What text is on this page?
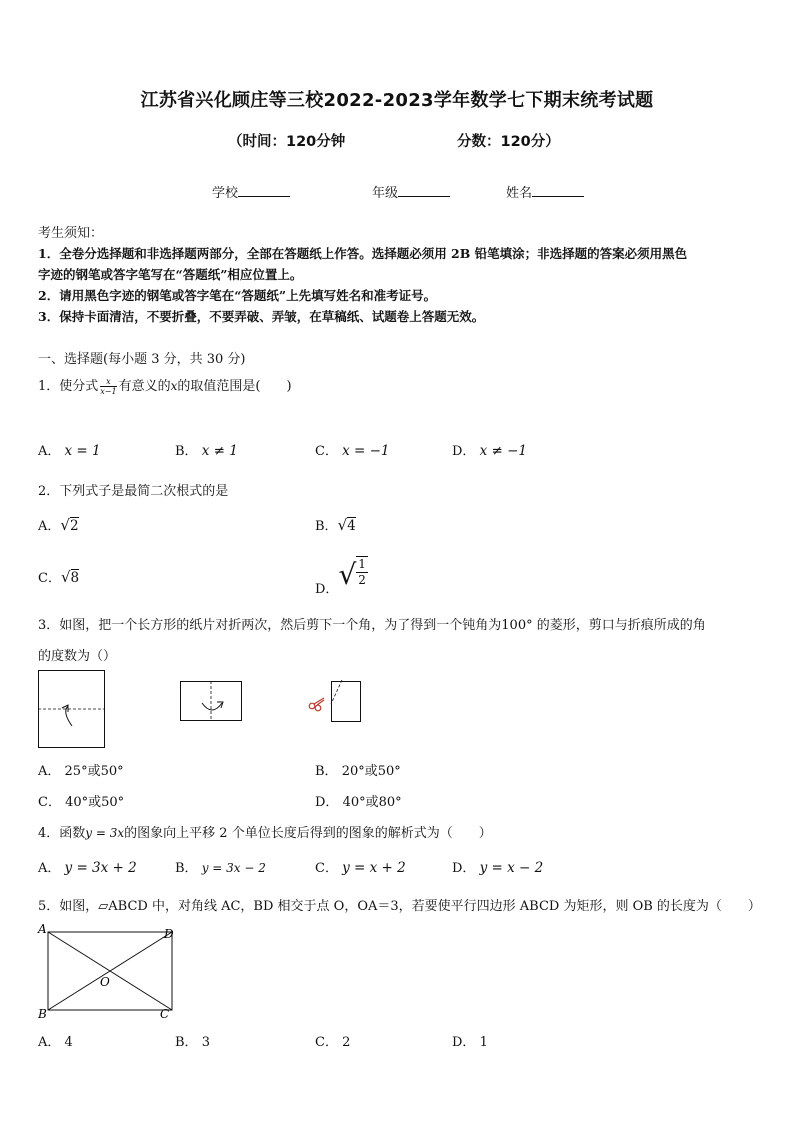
江苏省兴化顾庄等三校2022-2023学年数学七下期末统考试题
（时间：120分钟	分数：120分）
学校	年级	姓名
考生须知：
1．全卷分选择题和非选择题两部分，全部在答题纸上作答。选择题必须用 2B 铅笔填涂；非选择题的答案必须用黑色
字迹的钢笔或答字笔写在“答题纸”相应位置上。
2．请用黑色字迹的钢笔或答字笔在“答题纸”上先填写姓名和准考证号。
3．保持卡面清洁，不要折叠，不要弄破、弄皱，在草稿纸、试题卷上答题无效。
一、选择题(每小题 3 分，共 30 分)
1．使分式 $\frac{x}{x-1}$ 有意义的x的取值范围是(　　)
A． x = 1	B． x ≠ 1	C． x = −1	D． x ≠ −1
2．下列式子是最简二次根式的是
A．√2	B．√4
C．√8
D．√ $\frac{1}{2}$
3．如图，把一个长方形的纸片对折两次，然后剪下一个角，为了得到一个钝角为100° 的菱形，剪口与折痕所成的角
的度数为（）
A． 25°或50°	B． 20°或50°
C． 40°或50°	D． 40°或80°
4．函数y = 3x的图象向上平移 2 个单位长度后得到的图象的解析式为（　　）
A． y = 3x + 2	B． y = 3x − 2	C． y = x + 2	D． y = x − 2
5．如图，▱ABCD 中，对角线 AC，BD 相交于点 O，OA＝3，若要使平行四边形 ABCD 为矩形，则 OB 的长度为（　　）
A	D
B	C
O
A． 4	B． 3	C． 2	D． 1
